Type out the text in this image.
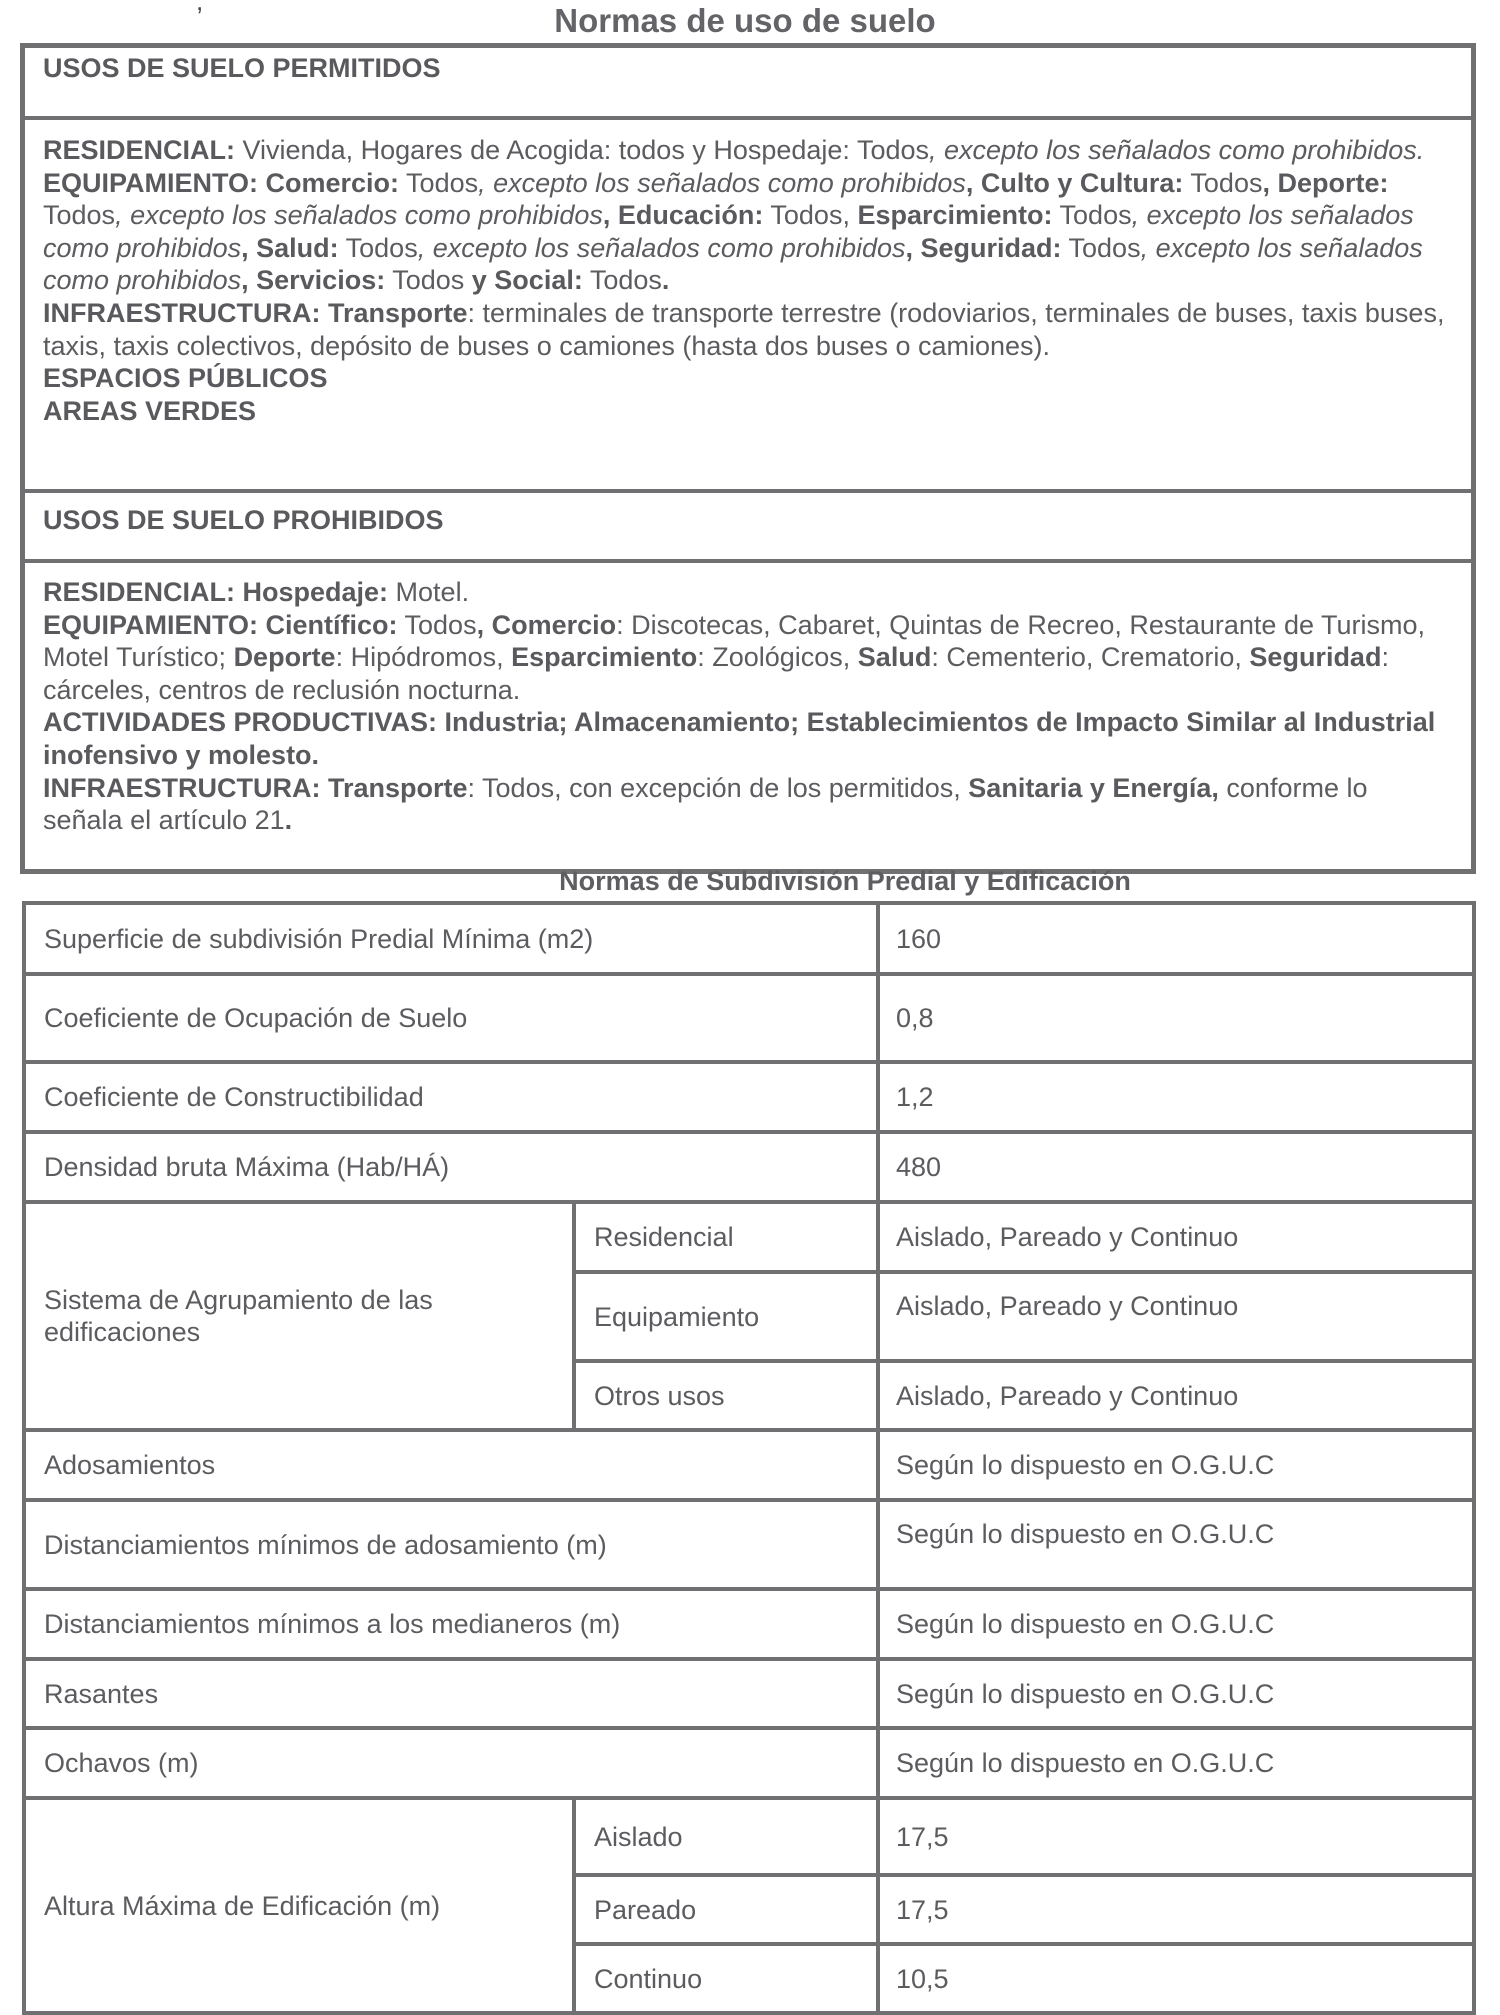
,
Normas de uso de suelo
USOS DE SUELO PERMITIDOS

RESIDENCIAL: Vivienda, Hogares de Acogida: todos y Hospedaje: Todos, excepto los señalados como prohibidos.

EQUIPAMIENTO: Comercio: Todos, excepto los señalados como prohibidos, Culto y Cultura: Todos, Deporte: Todos, excepto los señalados como prohibidos, Educación: Todos, Esparcimiento: Todos, excepto los señalados como prohibidos, Salud: Todos, excepto los señalados como prohibidos, Seguridad: Todos, excepto los señalados como prohibidos, Servicios: Todos y Social: Todos.

INFRAESTRUCTURA: Transporte: terminales de transporte terrestre (rodoviarios, terminales de buses, taxis buses, taxis, taxis colectivos, depósito de buses o camiones (hasta dos buses o camiones).

ESPACIOS PÚBLICOS

AREAS VERDES

USOS DE SUELO PROHIBIDOS

RESIDENCIAL: Hospedaje: Motel.

EQUIPAMIENTO: Científico: Todos, Comercio: Discotecas, Cabaret, Quintas de Recreo, Restaurante de Turismo, Motel Turístico; Deporte: Hipódromos, Esparcimiento: Zoológicos, Salud: Cementerio, Crematorio, Seguridad: cárceles, centros de reclusión nocturna.

ACTIVIDADES PRODUCTIVAS: Industria; Almacenamiento; Establecimientos de Impacto Similar al Industrial inofensivo y molesto.

INFRAESTRUCTURA: Transporte: Todos, con excepción de los permitidos, Sanitaria y Energía, conforme lo señala el artículo 21.

Normas de Subdivisión Predial y Edificación
Superficie de subdivisión Predial Mínima (m2)		160
Coeficiente de Ocupación de Suelo		0,8
Coeficiente de Constructibilidad		1,2
Densidad bruta Máxima (Hab/HÁ)		480
Sistema de Agrupamiento de las edificaciones	Residencial	Aislado, Pareado y Continuo
	Equipamiento	Aislado, Pareado y Continuo
	Otros usos	Aislado, Pareado y Continuo
Adosamientos		Según lo dispuesto en O.G.U.C
Distanciamientos mínimos de adosamiento (m)		Según lo dispuesto en O.G.U.C
Distanciamientos mínimos a los medianeros (m)		Según lo dispuesto en O.G.U.C
Rasantes		Según lo dispuesto en O.G.U.C
Ochavos (m)		Según lo dispuesto en O.G.U.C
Altura Máxima de Edificación (m)	Aislado	17,5
	Pareado	17,5
	Continuo	10,5
